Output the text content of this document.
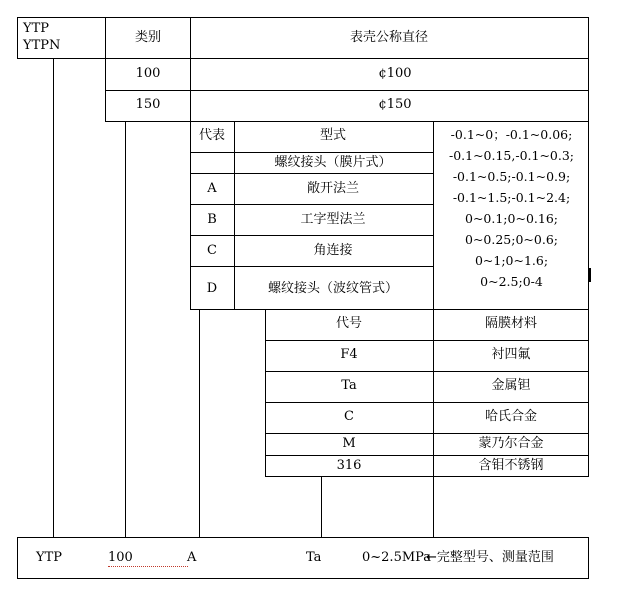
YTP
YTPN
类别	表壳公称直径
100	¢100
150	¢150
代表	型式
螺纹接头（膜片式）
A	敞开法兰
B	工字型法兰
C	角连接
D	螺纹接头（波纹管式）
-0.1~0；-0.1~0.06;
-0.1~0.15,-0.1~0.3;
-0.1~0.5;-0.1~0.9;
-0.1~1.5;-0.1~2.4;
0~0.1;0~0.16;
0~0.25;0~0.6;
0~1;0~1.6;
0~2.5;0-4
代号	隔膜材料
F4	衬四氟
Ta	金属钽
C	哈氏合金
M	蒙乃尔合金
316	含钼不锈钢
YTP	100	A	Ta	0~2.5MPa
←完整型号、测量范围
